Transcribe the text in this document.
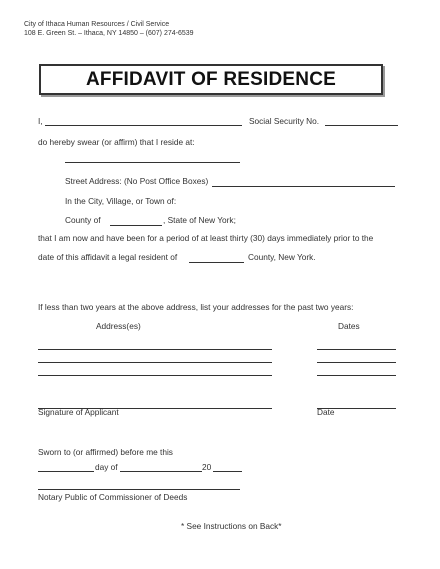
City of Ithaca Human Resources / Civil Service
108 E. Green St. – Ithaca, NY 14850 – (607) 274-6539
AFFIDAVIT OF RESIDENCE
I,	Social Security No.
do hereby swear (or affirm) that I reside at:
Street Address: (No Post Office Boxes)
In the City, Village, or Town of:
County of	, State of New York;
that I am now and have been for a period of at least thirty (30) days immediately prior to the
date of this affidavit a legal resident of	County, New York.
If less than two years at the above address, list your addresses for the past two years:
Address(es)	Dates
Signature of Applicant	Date
Sworn to (or affirmed) before me this
day of	20
Notary Public of Commissioner of Deeds
* See Instructions on Back*
